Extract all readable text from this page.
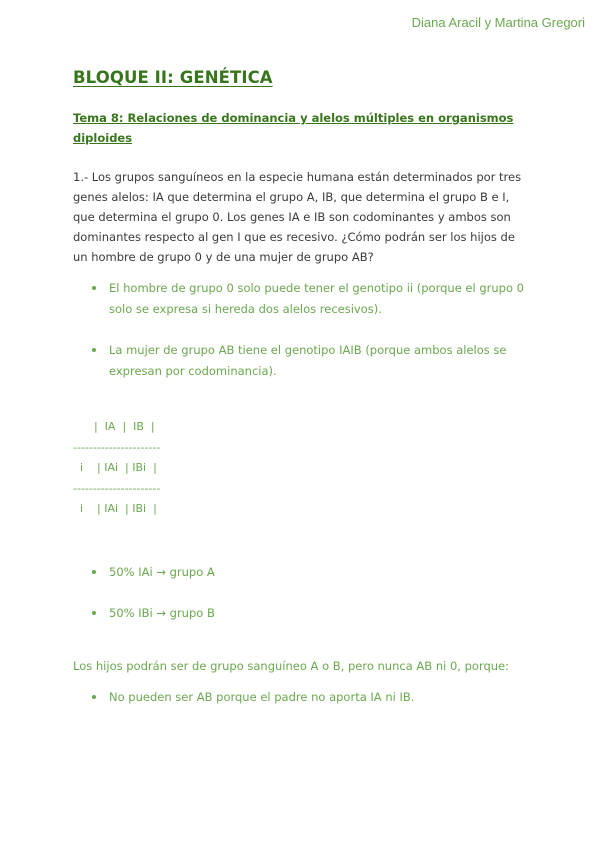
Diana Aracil y Martina Gregori
BLOQUE II: GENÉTICA
Tema 8: Relaciones de dominancia y alelos múltiples en organismos diploides
1.- Los grupos sanguíneos en la especie humana están determinados por tres genes alelos: IA que determina el grupo A, IB, que determina el grupo B e I, que determina el grupo 0. Los genes IA e IB son codominantes y ambos son dominantes respecto al gen I que es recesivo. ¿Cómo podrán ser los hijos de un hombre de grupo 0 y de una mujer de grupo AB?
El hombre de grupo 0 solo puede tener el genotipo ii (porque el grupo 0 solo se expresa si hereda dos alelos recesivos).
La mujer de grupo AB tiene el genotipo IAIB (porque ambos alelos se expresan por codominancia).
|  IA  |  IB  |
----------------------
i    | IAi  | IBi  |
----------------------
i    | IAi  | IBi  |
50% IAi → grupo A
50% IBi → grupo B
Los hijos podrán ser de grupo sanguíneo A o B, pero nunca AB ni 0, porque:
No pueden ser AB porque el padre no aporta IA ni IB.
